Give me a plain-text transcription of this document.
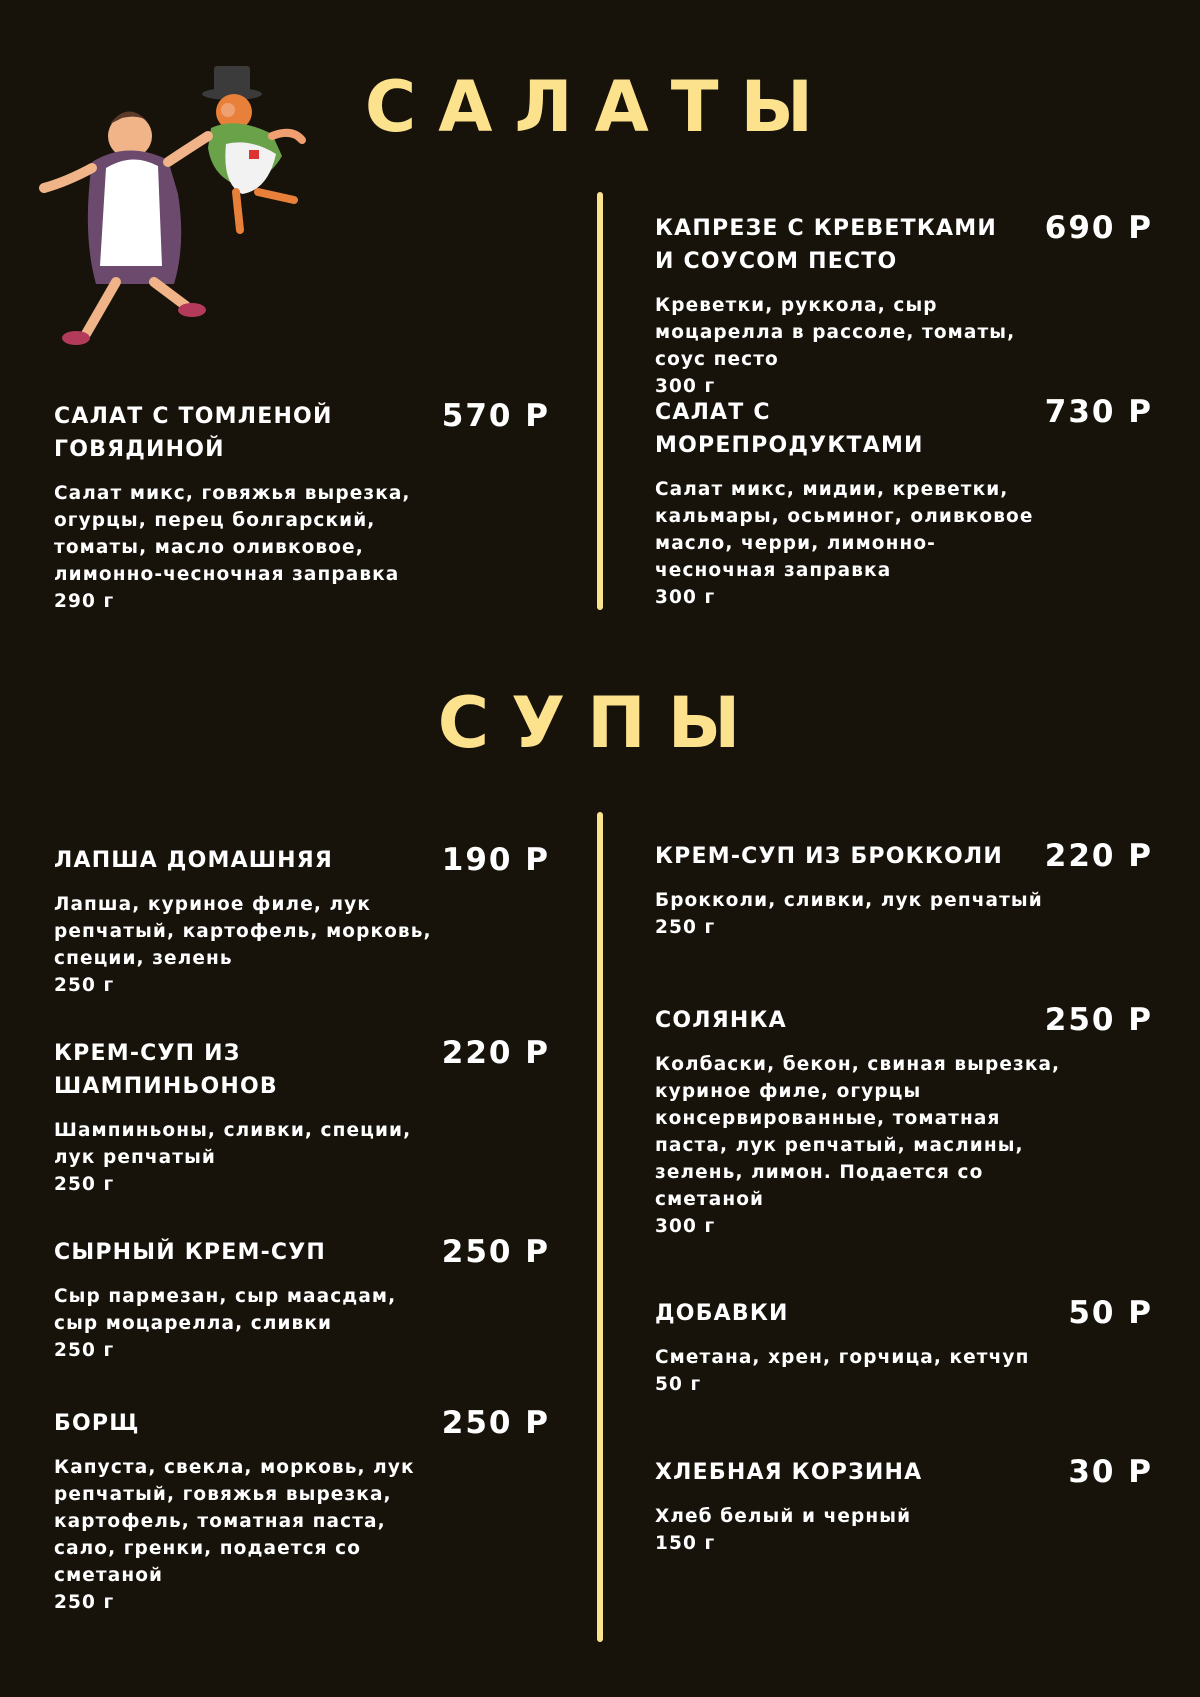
САЛАТЫ
САЛАТ С ТОМЛЕНОЙ ГОВЯДИНОЙ
570 Р
Салат микс, говяжья вырезка, огурцы, перец болгарский, томаты, масло оливковое, лимонно-чесночная заправка
290 г
КАПРЕЗЕ С КРЕВЕТКАМИ И СОУСОМ ПЕСТО
690 Р
Креветки, руккола, сыр моцарелла в рассоле, томаты, соус песто
300 г
САЛАТ С МОРЕПРОДУКТАМИ
730 Р
Салат микс, мидии, креветки, кальмары, осьминог, оливковое масло, черри, лимонно-чесночная заправка
300 г
СУПЫ
ЛАПША ДОМАШНЯЯ	190 Р
Лапша, куриное филе, лук репчатый, картофель, морковь, специи, зелень
250 г
КРЕМ-СУП ИЗ ШАМПИНЬОНОВ
220 Р
Шампиньоны, сливки, специи, лук репчатый
250 г
СЫРНЫЙ КРЕМ-СУП	250 Р
Сыр пармезан, сыр маасдам, сыр моцарелла, сливки
250 г
БОРЩ	250 Р
Капуста, свекла, морковь, лук репчатый, говяжья вырезка, картофель, томатная паста, сало, гренки, подается со сметаной
250 г
КРЕМ-СУП ИЗ БРОККОЛИ	220 Р
Брокколи, сливки, лук репчатый
250 г
СОЛЯНКА	250 Р
Колбаски, бекон, свиная вырезка, куриное филе, огурцы консервированные, томатная паста, лук репчатый, маслины, зелень, лимон. Подается со сметаной
300 г
ДОБАВКИ	50 Р
Сметана, хрен, горчица, кетчуп
50 г
ХЛЕБНАЯ КОРЗИНА	30 Р
Хлеб белый и черный
150 г
